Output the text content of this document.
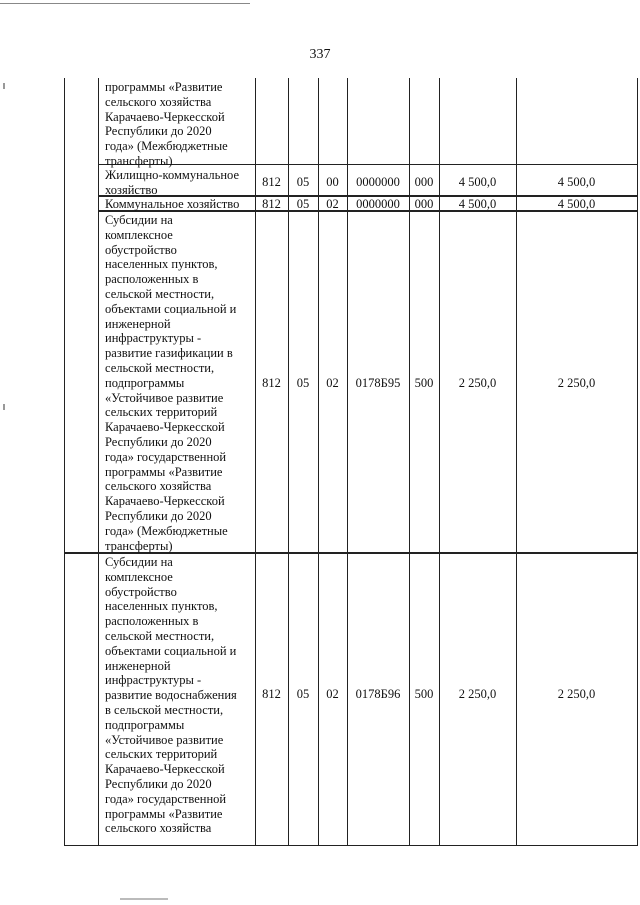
337
программы «Развитие
сельского хозяйства
Карачаево-Черкесской
Республики до 2020
года» (Межбюджетные
трансферты)
Жилищно-коммунальное
хозяйство
812	05	00	0000000	000	4 500,0	4 500,0
Коммунальное хозяйство	812	05	02	0000000	000	4 500,0	4 500,0
Субсидии на
комплексное
обустройство
населенных пунктов,
расположенных в
сельской местности,
объектами социальной и
инженерной
инфраструктуры -
развитие газификации в
сельской местности,
подпрограммы
«Устойчивое развитие
сельских территорий
Карачаево-Черкесской
Республики до 2020
года» государственной
программы «Развитие
сельского хозяйства
Карачаево-Черкесской
Республики до 2020
года» (Межбюджетные
трансферты)
812	05	02	0178Б95	500	2 250,0	2 250,0
Субсидии на
комплексное
обустройство
населенных пунктов,
расположенных в
сельской местности,
объектами социальной и
инженерной
инфраструктуры -
развитие водоснабжения
в сельской местности,
подпрограммы
«Устойчивое развитие
сельских территорий
Карачаево-Черкесской
Республики до 2020
года» государственной
программы «Развитие
сельского хозяйства
812	05	02	0178Б96	500	2 250,0	2 250,0
